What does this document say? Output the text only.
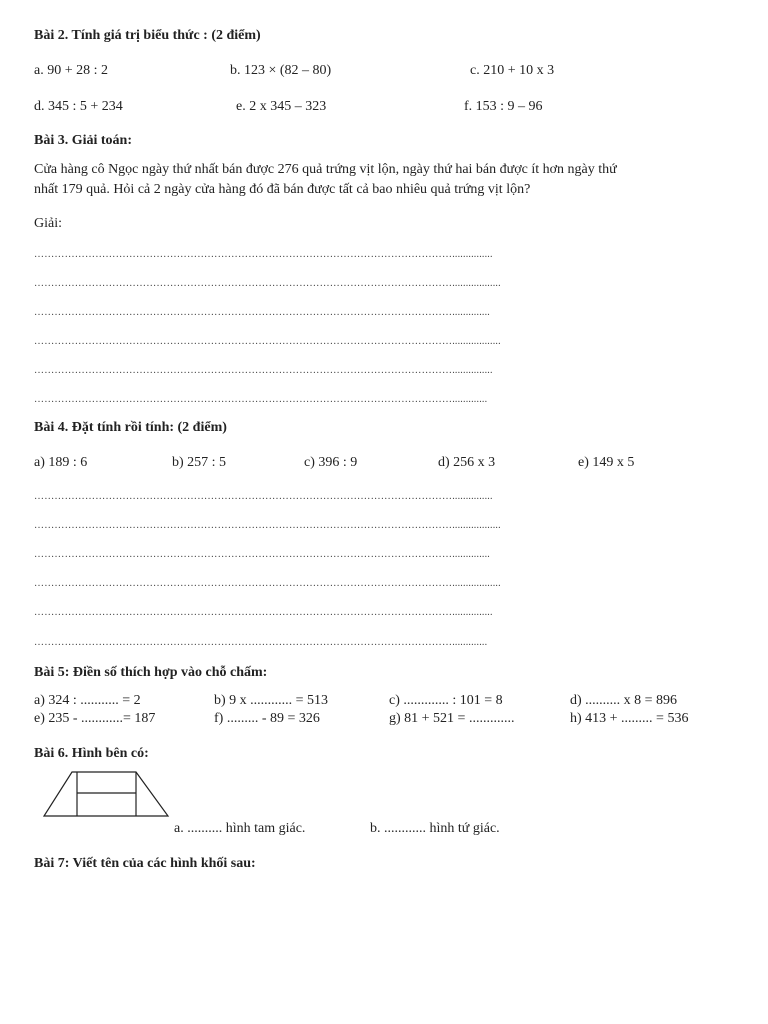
Bài 2. Tính giá trị biểu thức : (2 điểm)
a. 90 + 28 : 2	b. 123 × (82 – 80)	c. 210 + 10 x 3
d. 345 : 5 + 234	e. 2 x 345 – 323	f. 153 : 9 – 96
Bài 3. Giải toán:
Cửa hàng cô Ngọc ngày thứ nhất bán được 276 quả trứng vịt lộn, ngày thứ hai bán được ít hơn ngày thứ
nhất 179 quả. Hỏi cả 2 ngày cửa hàng đó đã bán được tất cả bao nhiêu quả trứng vịt lộn?
Giải:
……………………………………………………………………………………………………………...............
……………………………………………………………………………………………………………..................
……………………………………………………………………………………………………………..............
……………………………………………………………………………………………………………..................
……………………………………………………………………………………………………………...............
…………………………………………………………………………………………………………….............
Bài 4. Đặt tính rồi tính: (2 điểm)
a) 189 : 6	b) 257 : 5	c) 396 : 9	d) 256 x 3	e) 149 x 5
……………………………………………………………………………………………………………...............
……………………………………………………………………………………………………………..................
……………………………………………………………………………………………………………..............
……………………………………………………………………………………………………………..................
……………………………………………………………………………………………………………...............
…………………………………………………………………………………………………………….............
Bài 5: Điền số thích hợp vào chỗ chấm:
a) 324 : ........... = 2	b) 9 x ............ = 513	c) ............. : 101 = 8	d) .......... x 8 = 896
e) 235 - ............= 187	f) ......... - 89 = 326	g) 81 + 521 = .............	h) 413 + ......... = 536
Bài 6. Hình bên có:
a. .......... hình tam giác.	b. ............ hình tứ giác.
Bài 7: Viết tên của các hình khối sau:
